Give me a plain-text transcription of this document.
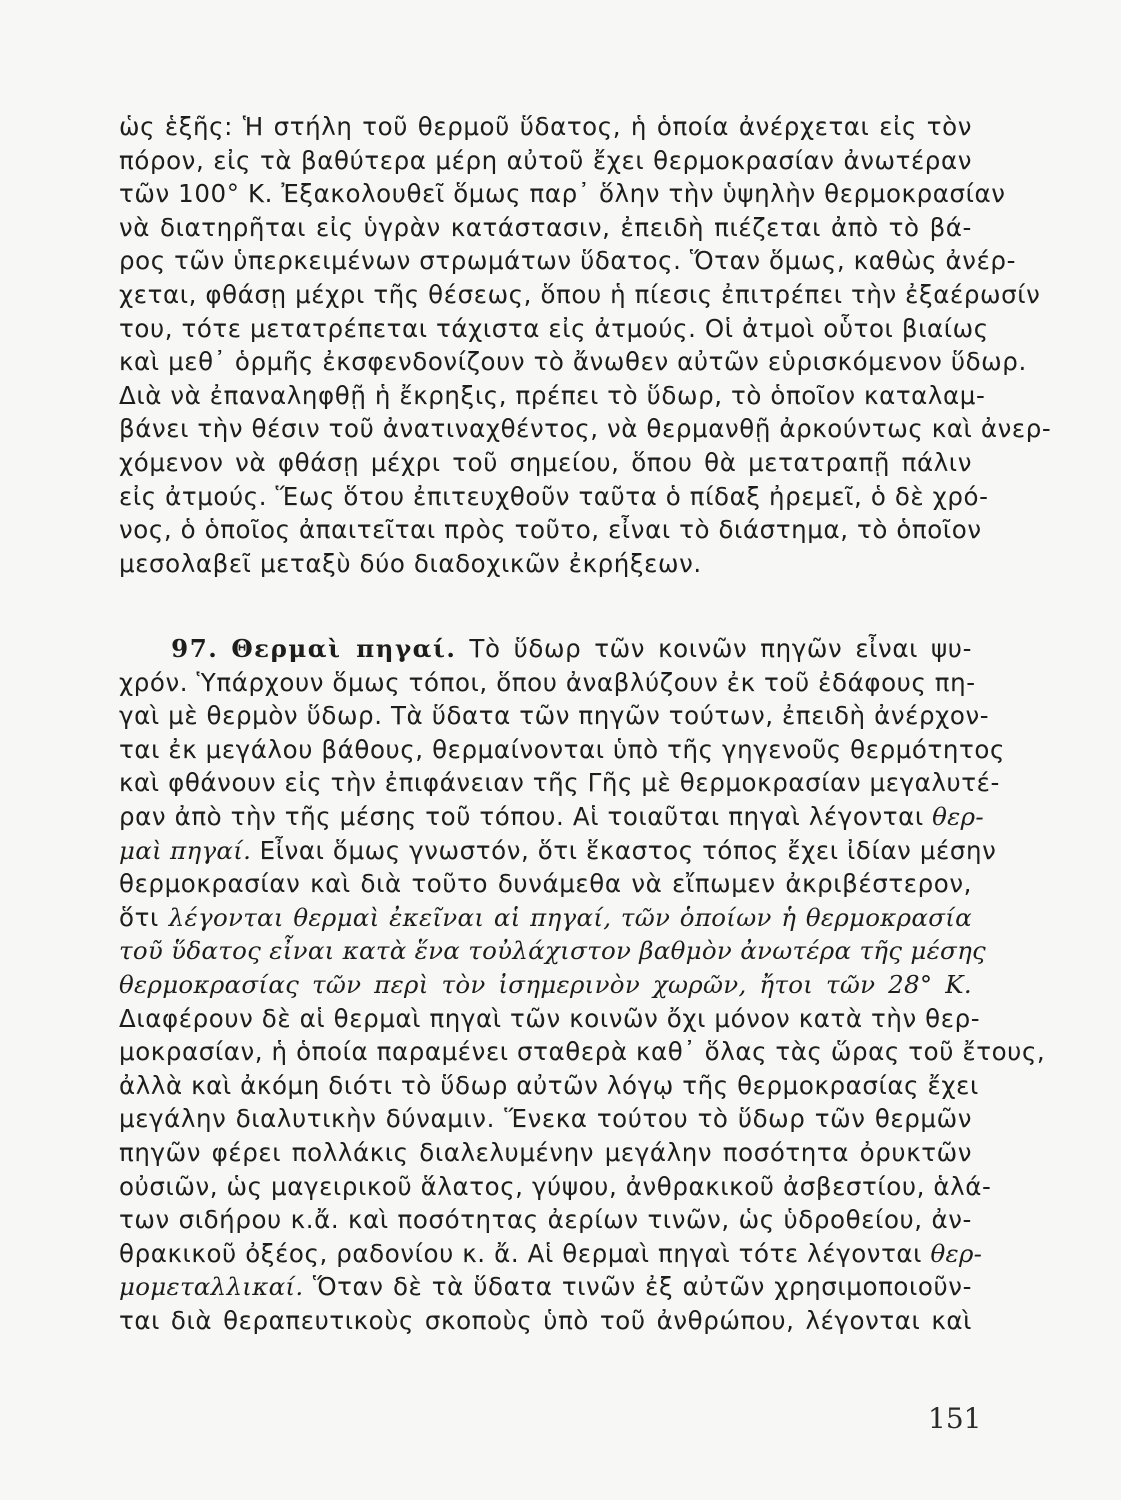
ὡς ἑξῆς: Ἡ στήλη τοῦ θερμοῦ ὕδατος, ἡ ὁποία ἀνέρχεται εἰς τὸν
πόρον, εἰς τὰ βαθύτερα μέρη αὐτοῦ ἔχει θερμοκρασίαν ἀνωτέραν
τῶν 100° Κ. Ἐξακολουθεῖ ὅμως παρ᾽ ὅλην τὴν ὑψηλὴν θερμοκρασίαν
νὰ διατηρῆται εἰς ὑγρὰν κατάστασιν, ἐπειδὴ πιέζεται ἀπὸ τὸ βά-
ρος τῶν ὑπερκειμένων στρωμάτων ὕδατος. Ὅταν ὅμως, καθὼς ἀνέρ-
χεται, φθάσῃ μέχρι τῆς θέσεως, ὅπου ἡ πίεσις ἐπιτρέπει τὴν ἐξαέρωσίν
του, τότε μετατρέπεται τάχιστα εἰς ἀτμούς. Οἱ ἀτμοὶ οὗτοι βιαίως
καὶ μεθ᾽ ὁρμῆς ἐκσφενδονίζουν τὸ ἄνωθεν αὐτῶν εὑρισκόμενον ὕδωρ.
Διὰ νὰ ἐπαναληφθῇ ἡ ἔκρηξις, πρέπει τὸ ὕδωρ, τὸ ὁποῖον καταλαμ-
βάνει τὴν θέσιν τοῦ ἀνατιναχθέντος, νὰ θερμανθῇ ἀρκούντως καὶ ἀνερ-
χόμενον νὰ φθάσῃ μέχρι τοῦ σημείου, ὅπου θὰ μετατραπῇ πάλιν
εἰς ἀτμούς. Ἕως ὅτου ἐπιτευχθοῦν ταῦτα ὁ πίδαξ ἠρεμεῖ, ὁ δὲ χρό-
νος, ὁ ὁποῖος ἀπαιτεῖται πρὸς τοῦτο, εἶναι τὸ διάστημα, τὸ ὁποῖον
μεσολαβεῖ μεταξὺ δύο διαδοχικῶν ἐκρήξεων.
97. Θερμαὶ πηγαί. Τὸ ὕδωρ τῶν κοινῶν πηγῶν εἶναι ψυ-
χρόν. Ὑπάρχουν ὅμως τόποι, ὅπου ἀναβλύζουν ἐκ τοῦ ἐδάφους πη-
γαὶ μὲ θερμὸν ὕδωρ. Τὰ ὕδατα τῶν πηγῶν τούτων, ἐπειδὴ ἀνέρχον-
ται ἐκ μεγάλου βάθους, θερμαίνονται ὑπὸ τῆς γηγενοῦς θερμότητος
καὶ φθάνουν εἰς τὴν ἐπιφάνειαν τῆς Γῆς μὲ θερμοκρασίαν μεγαλυτέ-
ραν ἀπὸ τὴν τῆς μέσης τοῦ τόπου. Αἱ τοιαῦται πηγαὶ λέγονται θερ-
μαὶ πηγαί. Εἶναι ὅμως γνωστόν, ὅτι ἕκαστος τόπος ἔχει ἰδίαν μέσην
θερμοκρασίαν καὶ διὰ τοῦτο δυνάμεθα νὰ εἴπωμεν ἀκριβέστερον,
ὅτι λέγονται θερμαὶ ἐκεῖναι αἱ πηγαί, τῶν ὁποίων ἡ θερμοκρασία
τοῦ ὕδατος εἶναι κατὰ ἕνα τοὐλάχιστον βαθμὸν ἀνωτέρα τῆς μέσης
θερμοκρασίας τῶν περὶ τὸν ἰσημερινὸν χωρῶν, ἤτοι τῶν 28° Κ.
Διαφέρουν δὲ αἱ θερμαὶ πηγαὶ τῶν κοινῶν ὄχι μόνον κατὰ τὴν θερ-
μοκρασίαν, ἡ ὁποία παραμένει σταθερὰ καθ᾽ ὅλας τὰς ὥρας τοῦ ἔτους,
ἀλλὰ καὶ ἀκόμη διότι τὸ ὕδωρ αὐτῶν λόγῳ τῆς θερμοκρασίας ἔχει
μεγάλην διαλυτικὴν δύναμιν. Ἕνεκα τούτου τὸ ὕδωρ τῶν θερμῶν
πηγῶν φέρει πολλάκις διαλελυμένην μεγάλην ποσότητα ὀρυκτῶν
οὐσιῶν, ὡς μαγειρικοῦ ἅλατος, γύψου, ἀνθρακικοῦ ἀσβεστίου, ἁλά-
των σιδήρου κ.ἄ. καὶ ποσότητας ἀερίων τινῶν, ὡς ὑδροθείου, ἀν-
θρακικοῦ ὀξέος, ραδονίου κ. ἄ. Αἱ θερμαὶ πηγαὶ τότε λέγονται θερ-
μομεταλλικαί. Ὅταν δὲ τὰ ὕδατα τινῶν ἐξ αὐτῶν χρησιμοποιοῦν-
ται διὰ θεραπευτικοὺς σκοποὺς ὑπὸ τοῦ ἀνθρώπου, λέγονται καὶ
151
